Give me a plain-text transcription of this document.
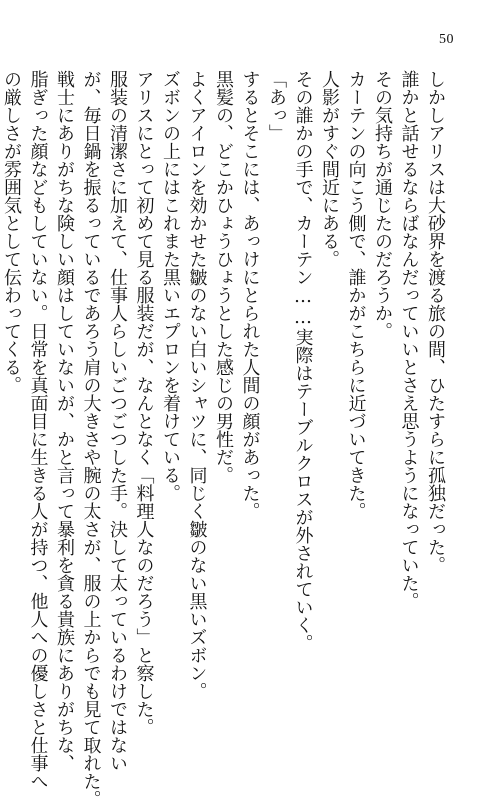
50

しかしアリスは大砂界を渡る旅の間、ひたすらに孤独だった。

誰かと話せるならばなんだっていいとさえ思うようになっていた。

その気持ちが通じたのだろうか。

カーテンの向こう側で、誰かがこちらに近づいてきた。

人影がすぐ間近にある。

その誰かの手で、カーテン……実際はテーブルクロスが外されていく。

「あっ」

するとそこには、あっけにとられた人間の顔があった。

黒髪の、どこかひょうひょうとした感じの男性だ。

よくアイロンを効かせた皺のない白いシャツに、同じく皺のない黒いズボン。

ズボンの上にはこれまた黒いエプロンを着けている。

アリスにとって初めて見る服装だが、なんとなく「料理人なのだろう」と察した。

服装の清潔さに加えて、仕事人らしいごつごつした手。決して太っているわけではない

が、毎日鍋を振るっているであろう肩の大きさや腕の太さが、服の上からでも見て取れた。

戦士にありがちな険しい顔はしていないが、かと言って暴利を貪る貴族にありがちな、

脂ぎった顔などもしていない。日常を真面目に生きる人が持つ、他人への優しさと仕事へ

の厳しさが雰囲気として伝わってくる。
